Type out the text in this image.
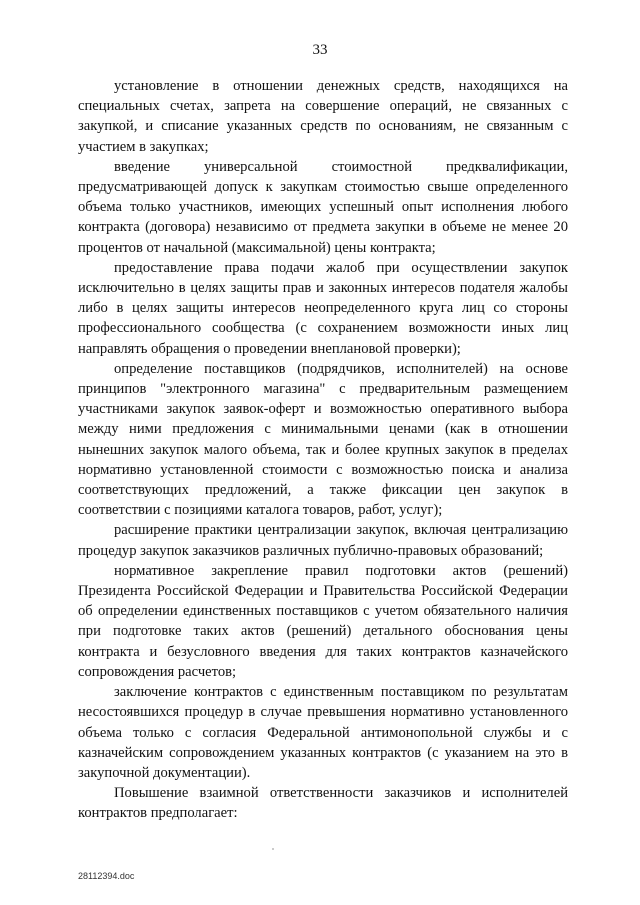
33

установление в отношении денежных средств, находящихся на специальных счетах, запрета на совершение операций, не связанных с закупкой, и списание указанных средств по основаниям, не связанным с участием в закупках;

введение универсальной стоимостной предквалификации, предусматривающей допуск к закупкам стоимостью свыше определенного объема только участников, имеющих успешный опыт исполнения любого контракта (договора) независимо от предмета закупки в объеме не менее 20 процентов от начальной (максимальной) цены контракта;

предоставление права подачи жалоб при осуществлении закупок исключительно в целях защиты прав и законных интересов подателя жалобы либо в целях защиты интересов неопределенного круга лиц со стороны профессионального сообщества (с сохранением возможности иных лиц направлять обращения о проведении внеплановой проверки);

определение поставщиков (подрядчиков, исполнителей) на основе принципов "электронного магазина" с предварительным размещением участниками закупок заявок-оферт и возможностью оперативного выбора между ними предложения с минимальными ценами (как в отношении нынешних закупок малого объема, так и более крупных закупок в пределах нормативно установленной стоимости с возможностью поиска и анализа соответствующих предложений, а также фиксации цен закупок в соответствии с позициями каталога товаров, работ, услуг);

расширение практики централизации закупок, включая централизацию процедур закупок заказчиков различных публично-правовых образований;

нормативное закрепление правил подготовки актов (решений) Президента Российской Федерации и Правительства Российской Федерации об определении единственных поставщиков с учетом обязательного наличия при подготовке таких актов (решений) детального обоснования цены контракта и безусловного введения для таких контрактов казначейского сопровождения расчетов;

заключение контрактов с единственным поставщиком по результатам несостоявшихся процедур в случае превышения нормативно установленного объема только с согласия Федеральной антимонопольной службы и с казначейским сопровождением указанных контрактов (с указанием на это в закупочной документации).

Повышение взаимной ответственности заказчиков и исполнителей контрактов предполагает:

28112394.doc
